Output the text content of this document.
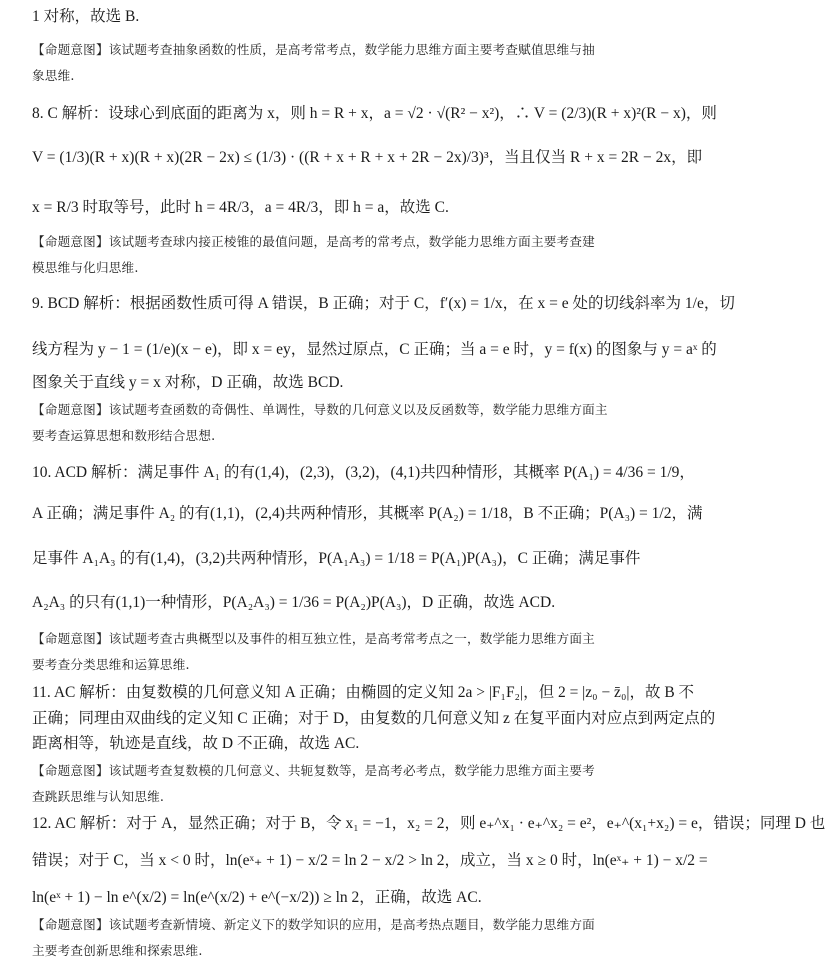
1 对称，故选 B.
【命题意图】该试题考查抽象函数的性质，是高考常考点，数学能力思维方面主要考查赋值思维与抽
象思维.
8. C 解析：设球心到底面的距离为 x，则 h = R + x，a = √2 · √(R² − x²)，∴ V = (2/3)(R + x)²(R − x)，则
V = (1/3)(R + x)(R + x)(2R − 2x) ≤ (1/3) · ((R + x + R + x + 2R − 2x)/3)³，当且仅当 R + x = 2R − 2x，即
x = R/3 时取等号，此时 h = 4R/3，a = 4R/3，即 h = a，故选 C.
【命题意图】该试题考查球内接正棱锥的最值问题，是高考的常考点，数学能力思维方面主要考查建
模思维与化归思维.
9. BCD 解析：根据函数性质可得 A 错误，B 正确；对于 C，f′(x) = 1/x，在 x = e 处的切线斜率为 1/e，切
线方程为 y − 1 = (1/e)(x − e)，即 x = ey，显然过原点，C 正确；当 a = e 时，y = f(x) 的图象与 y = aˣ 的
图象关于直线 y = x 对称，D 正确，故选 BCD.
【命题意图】该试题考查函数的奇偶性、单调性，导数的几何意义以及反函数等，数学能力思维方面主
要考查运算思想和数形结合思想.
10. ACD 解析：满足事件 A₁ 的有(1,4)，(2,3)，(3,2)，(4,1)共四种情形，其概率 P(A₁) = 4/36 = 1/9，
A 正确；满足事件 A₂ 的有(1,1)，(2,4)共两种情形，其概率 P(A₂) = 1/18，B 不正确；P(A₃) = 1/2，满
足事件 A₁A₃ 的有(1,4)，(3,2)共两种情形，P(A₁A₃) = 1/18 = P(A₁)P(A₃)，C 正确；满足事件
A₂A₃ 的只有(1,1)一种情形，P(A₂A₃) = 1/36 = P(A₂)P(A₃)，D 正确，故选 ACD.
【命题意图】该试题考查古典概型以及事件的相互独立性，是高考常考点之一，数学能力思维方面主
要考查分类思维和运算思维.
11. AC 解析：由复数模的几何意义知 A 正确；由椭圆的定义知 2a > |F₁F₂|，但 2 = |z₀ − z̄₀|，故 B 不
正确；同理由双曲线的定义知 C 正确；对于 D，由复数的几何意义知 z 在复平面内对应点到两定点的
距离相等，轨迹是直线，故 D 不正确，故选 AC.
【命题意图】该试题考查复数模的几何意义、共轭复数等，是高考必考点，数学能力思维方面主要考
查跳跃思维与认知思维.
12. AC 解析：对于 A，显然正确；对于 B，令 x₁ = −1，x₂ = 2，则 e₊^x₁ · e₊^x₂ = e²，e₊^(x₁+x₂) = e，错误；同理 D 也
错误；对于 C，当 x < 0 时，ln(eˣ₊ + 1) − x/2 = ln 2 − x/2 > ln 2，成立，当 x ≥ 0 时，ln(eˣ₊ + 1) − x/2 =
ln(eˣ + 1) − ln e^(x/2) = ln(e^(x/2) + e^(−x/2)) ≥ ln 2，正确，故选 AC.
【命题意图】该试题考查新情境、新定义下的数学知识的应用，是高考热点题目，数学能力思维方面
主要考查创新思维和探索思维.
